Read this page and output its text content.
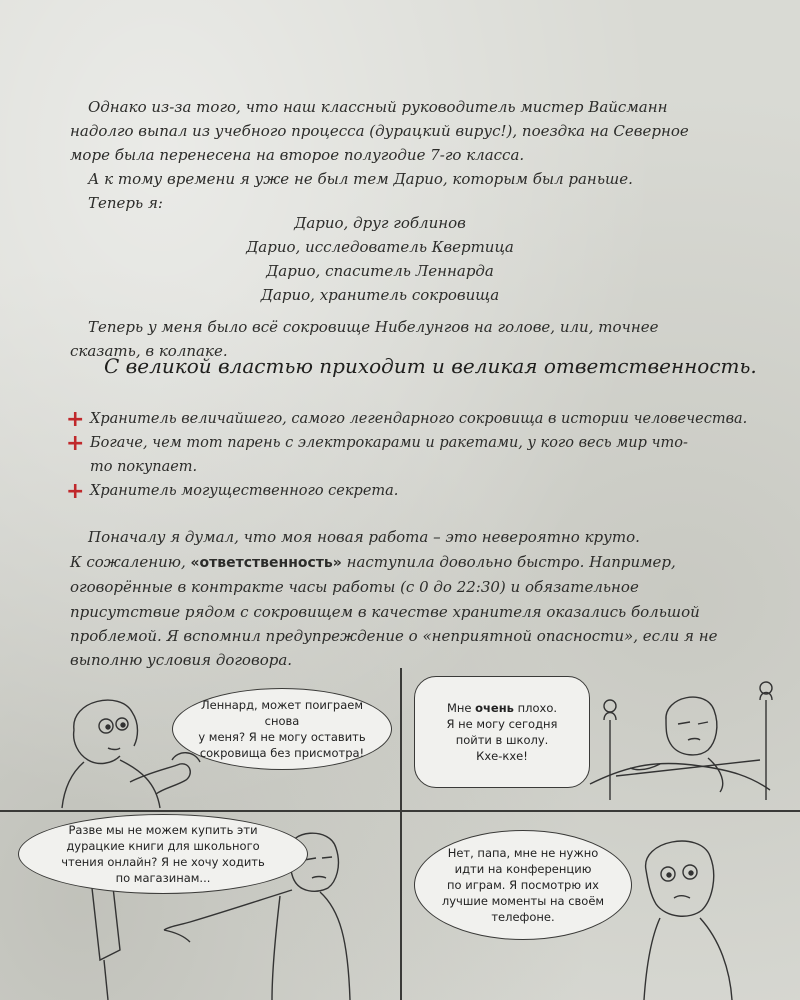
Однако из-за того, что наш классный руководитель мистер Вайсманн
надолго выпал из учебного процесса (дурацкий вирус!), поездка на Северное
море была перенесена на второе полугодие 7-го класса.
А к тому времени я уже не был тем Дарио, которым был раньше.
Теперь я:
Дарио, друг гоблинов
Дарио, исследователь Квертица
Дарио, спаситель Леннарда
Дарио, хранитель сокровища
Теперь у меня было всё сокровище Нибелунгов на голове, или, точнее
сказать, в колпаке.
С великой властью приходит и великая ответственность.
+ Хранитель величайшего, самого легендарного сокровища в истории человечества.
+ Богаче, чем тот парень с электрокарами и ракетами, у кого весь мир что-
то покупает.
+ Хранитель могущественного секрета.
Поначалу я думал, что моя новая работа – это невероятно круто.
К сожалению, «ответственность» наступила довольно быстро. Например,
оговорённые в контракте часы работы (с 0 до 22:30) и обязательное
присутствие рядом с сокровищем в качестве хранителя оказались большой
проблемой. Я вспомнил предупреждение о «неприятной опасности», если я не
выполню условия договора.
Леннард, может поиграем снова
у меня? Я не могу оставить
сокровища без присмотра!
Мне очень плохо.
Я не могу сегодня
пойти в школу.
Кхе-кхе!
Разве мы не можем купить эти
дурацкие книги для школьного
чтения онлайн? Я не хочу ходить
по магазинам...
Нет, папа, мне не нужно
идти на конференцию
по играм. Я посмотрю их
лучшие моменты на своём
телефоне.
